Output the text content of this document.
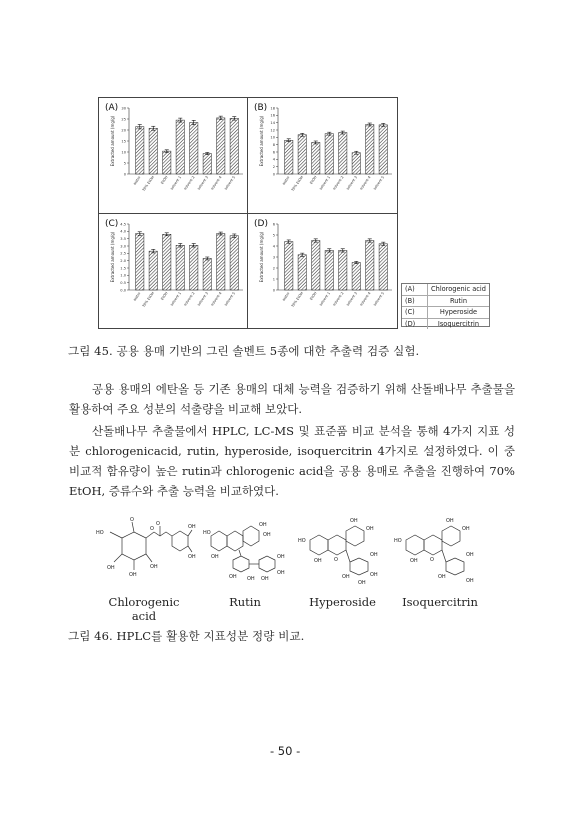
(A)
0
5
10
15
20
25
30
Extracted amount (mg/g)
water 70% EtOH EtOH solvent 1 solvent 2 solvent 3 solvent 4 solvent 5
(B)
0
2
4
6
8
10
12
14
16
18
Extracted amount (mg/g)
water 70% EtOH EtOH solvent 1 solvent 2 solvent 3 solvent 4 solvent 5
(C)
0.0
0.5
1.0
1.5
2.0
2.5
3.0
3.5
4.0
4.5
Extracted amount (mg/g)
water 70% EtOH EtOH solvent 1 solvent 2 solvent 3 solvent 4 solvent 5
(D)
0
1
2
3
4
5
6
Extracted amount (mg/g)
water 70% EtOH EtOH solvent 1 solvent 2 solvent 3 solvent 4 solvent 5
(A)	Chlorogenic acid
(B)	Rutin
(C)	Hyperoside
(D)	Isoquercitrin
그림 45. 공용 용매 기반의 그린 솔벤트 5종에 대한 추출력 검증 실험.

공용 용매의 에탄올 등 기존 용매의 대체 능력을 검증하기 위해 산돌배나무 추출물을 활용하여 주요 성분의 석출량을 비교해 보았다.

산돌배나무 추출물에서 HPLC, LC-MS 및 표준품 비교 분석을 통해 4가지 지표 성분 chlorogenicacid, rutin, hyperoside, isoquercitrin 4가지로 설정하였다. 이 중 비교적 함유량이 높은 rutin과 chlorogenic acid을 공용 용매로 추출을 진행하여 70% EtOH, 증류수와 추출 능력을 비교하였다.

HO
O
OH
OH	OH
O
O	OH
OH
HO
OH
OH
OH
OH OH
OH
OH
OH
HO
OH
OH
OH O
OH
OH
OH
OH
HO
OH
OH
OH O
OH
OH
OH
Chlorogenic acid
Rutin	Hyperoside	Isoquercitrin
그림 46. HPLC를 활용한 지표성분 정량 비교.
- 50 -
